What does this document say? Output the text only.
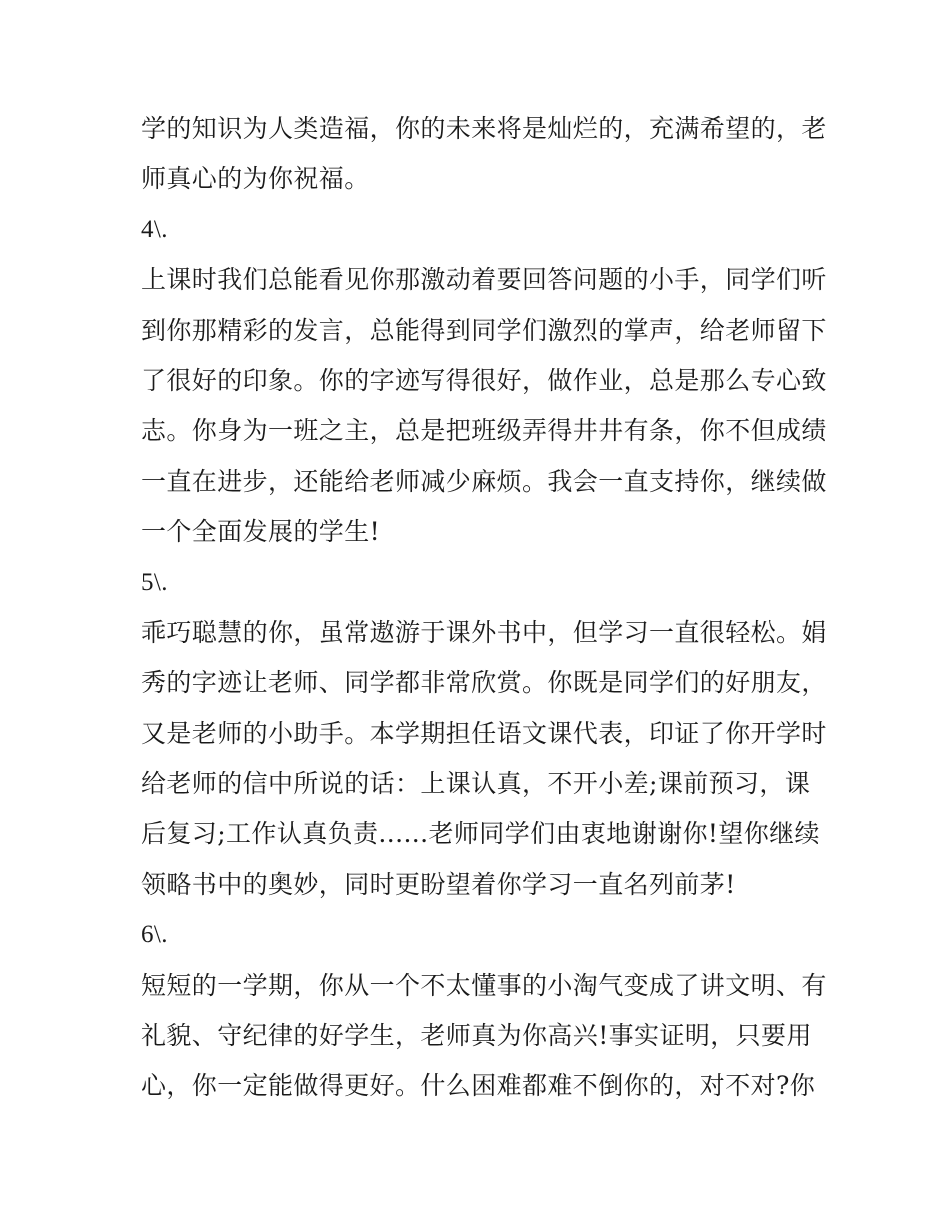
学的知识为人类造福，你的未来将是灿烂的，充满希望的，老
师真心的为你祝福。
4\.
上课时我们总能看见你那激动着要回答问题的小手，同学们听
到你那精彩的发言，总能得到同学们激烈的掌声，给老师留下
了很好的印象。你的字迹写得很好，做作业，总是那么专心致
志。你身为一班之主，总是把班级弄得井井有条，你不但成绩
一直在进步，还能给老师减少麻烦。我会一直支持你，继续做
一个全面发展的学生!
5\.
乖巧聪慧的你，虽常遨游于课外书中，但学习一直很轻松。娟
秀的字迹让老师、同学都非常欣赏。你既是同学们的好朋友，
又是老师的小助手。本学期担任语文课代表，印证了你开学时
给老师的信中所说的话：上课认真，不开小差;课前预习，课
后复习;工作认真负责......老师同学们由衷地谢谢你!望你继续
领略书中的奥妙，同时更盼望着你学习一直名列前茅!
6\.
短短的一学期，你从一个不太懂事的小淘气变成了讲文明、有
礼貌、守纪律的好学生，老师真为你高兴!事实证明，只要用
心，你一定能做得更好。什么困难都难不倒你的，对不对?你
